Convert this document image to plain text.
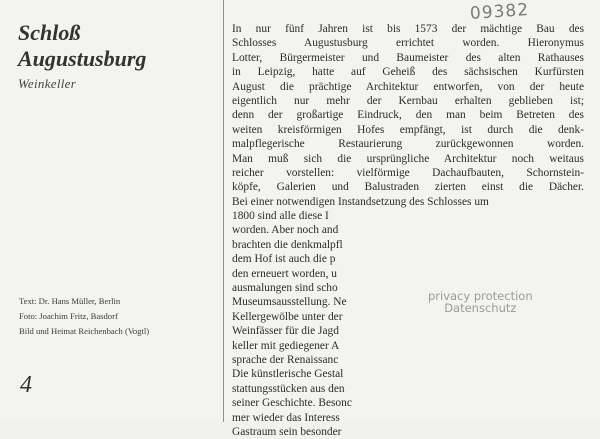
09382
Schloß
Augustusburg
Weinkeller
Text: Dr. Hans Müller, Berlin
Foto: Joachim Fritz, Basdorf
Bild und Heimat Reichenbach (Vogtl)
4
In nur fünf Jahren ist bis 1573 der mächtige Bau des
Schlosses Augustusburg errichtet worden. Hieronymus
Lotter, Bürgermeister und Baumeister des alten Rathauses
in Leipzig, hatte auf Geheiß des sächsischen Kurfürsten
August die prächtige Architektur entworfen, von der heute
eigentlich nur mehr der Kernbau erhalten geblieben ist;
denn der großartige Eindruck, den man beim Betreten des
weiten kreisförmigen Hofes empfängt, ist durch die denk-
malpflegerische Restaurierung zurückgewonnen worden.
Man muß sich die ursprüngliche Architektur noch weitaus
reicher vorstellen: vielförmige Dachaufbauten, Schornstein-
köpfe, Galerien und Balustraden zierten einst die Dächer.
Bei einer notwendigen Instandsetzung des Schlosses um
1800 sind alle diese I
worden. Aber noch and
brachten die denkmalpfl
dem Hof ist auch die p
den erneuert worden, u
ausmalungen sind scho
Museumsausstellung. Ne
Kellergewölbe unter der
Weinfässer für die Jagd
keller mit gediegener A
sprache der Renaissanc
Die künstlerische Gestal
stattungsstücken aus den
seiner Geschichte. Besonc
mer wieder das Interess
Gastraum sein besonder
privacy protection
Datenschutz
